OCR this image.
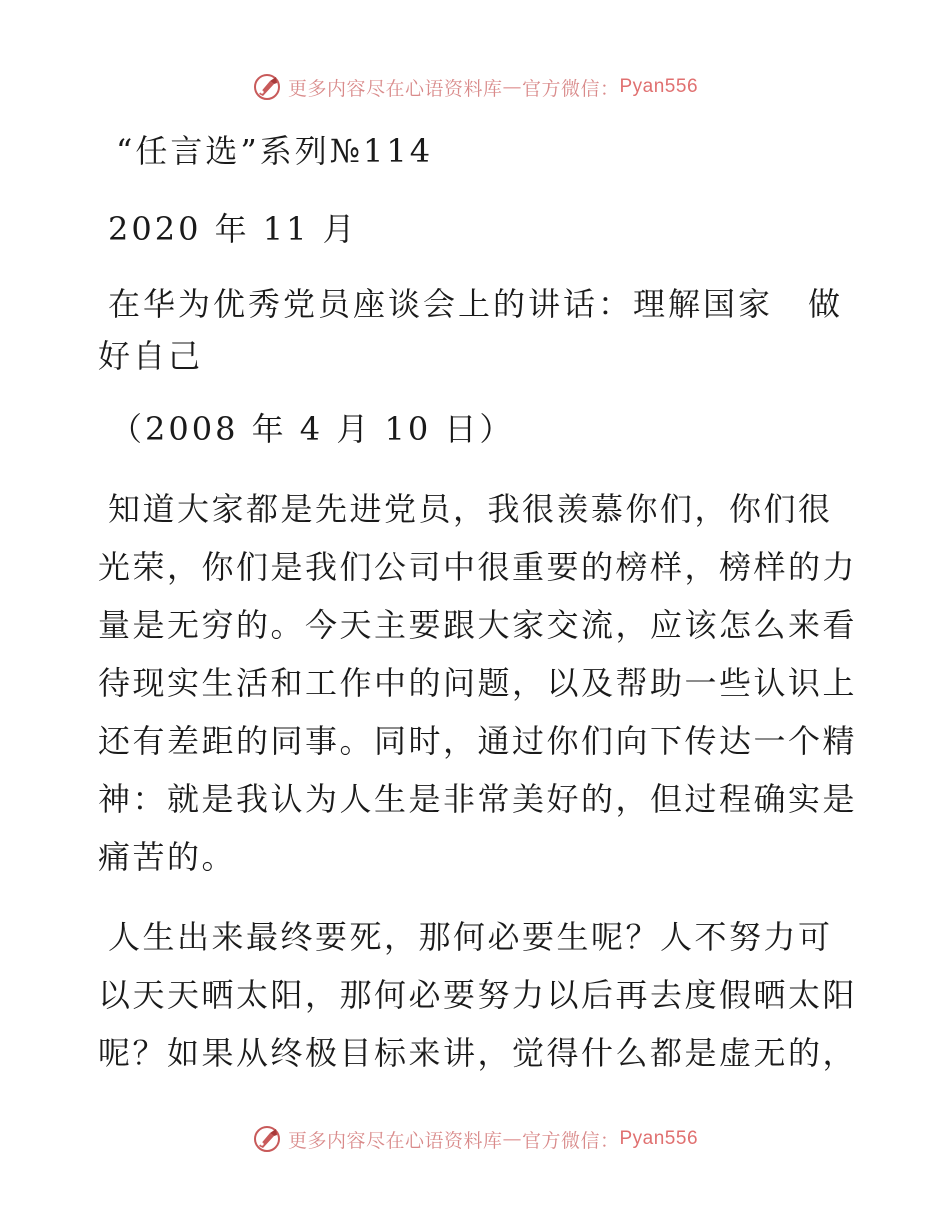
更多内容尽在心语资料库 — 官方微信： Pyan556

“任言选”系列№114

2020 年 11 月

在华为优秀党员座谈会上的讲话：理解国家　做

好自己

（2008 年 4 月 10 日）

知道大家都是先进党员，我很羡慕你们，你们很
光荣，你们是我们公司中很重要的榜样，榜样的力
量是无穷的。今天主要跟大家交流，应该怎么来看
待现实生活和工作中的问题，以及帮助一些认识上
还有差距的同事。同时，通过你们向下传达一个精
神：就是我认为人生是非常美好的，但过程确实是
痛苦的。
人生出来最终要死，那何必要生呢？人不努力可
以天天晒太阳，那何必要努力以后再去度假晒太阳
呢？如果从终极目标来讲，觉得什么都是虚无的，
更多内容尽在心语资料库 — 官方微信： Pyan556
